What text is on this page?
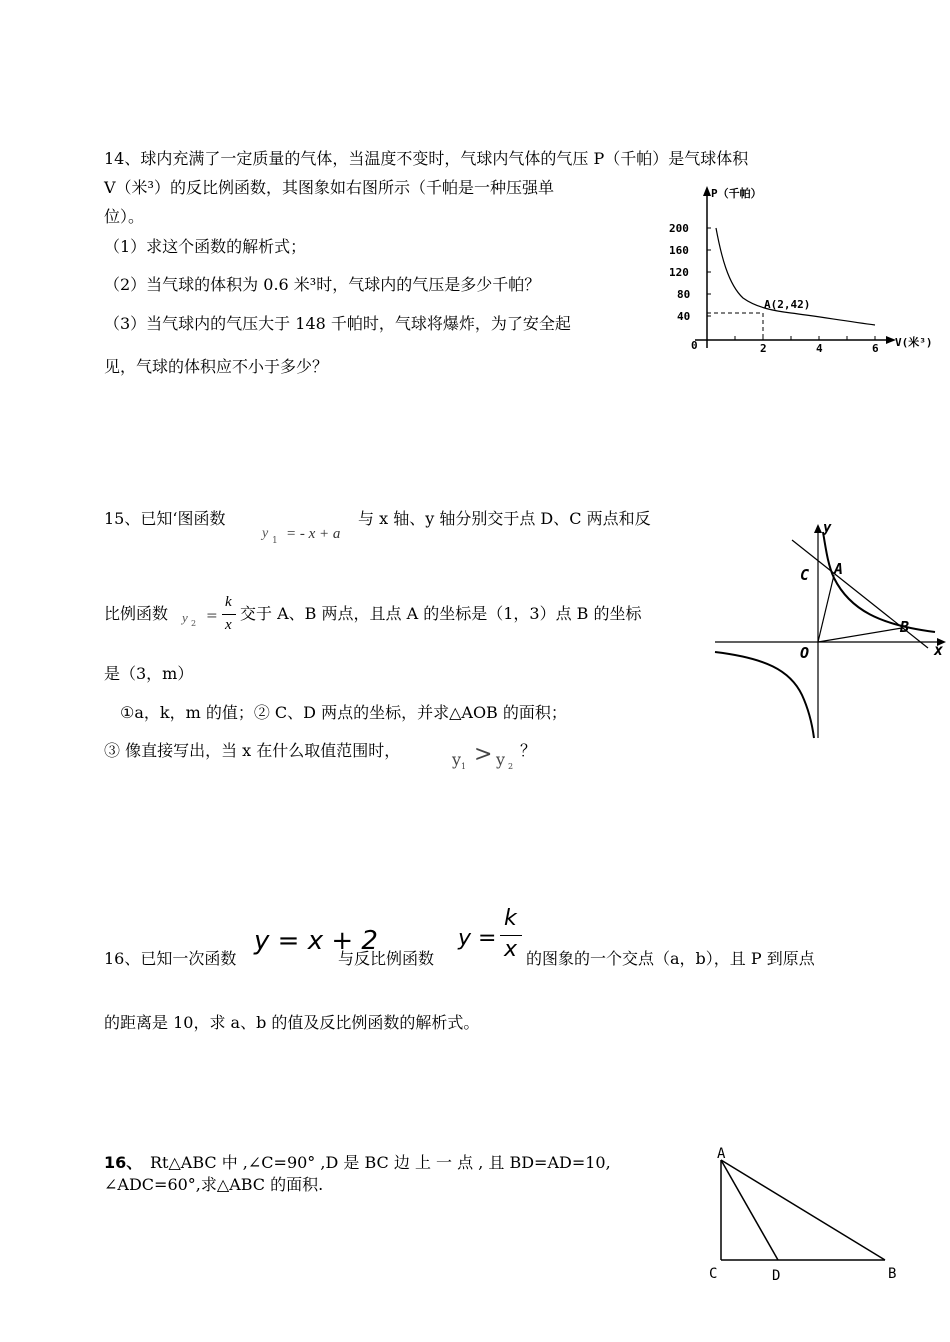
14、球内充满了一定质量的气体，当温度不变时，气球内气体的气压 P（千帕）是气球体积
V（米³）的反比例函数，其图象如右图所示（千帕是一种压强单
位）。
（1）求这个函数的解析式；
（2）当气球的体积为 0.6 米³时，气球内的气压是多少千帕？
（3）当气球内的气压大于 148 千帕时，气球将爆炸，为了安全起
见，气球的体积应不小于多少？
P（千帕）
V(米³)
200
160
120
80
40
0	2	4	6
A(2,42)
15、已知‘图函数
y 1 = - x + a
与 x 轴、y 轴分别交于点 D、C 两点和反
比例函数 y 2 =
k
x
交于 A、B 两点，且点 A 的坐标是（1，3）点 B 的坐标
是（3，m）
①a，k，m 的值；② C、D 两点的坐标，并求△AOB 的面积；
③ 像直接写出，当 x 在什么取值范围时，	y 1 > y 2
？
y
x
C A
B
O
16、已知一次函数
y = x + 2
与反比例函数
y =
k
x 的图象的一个交点（a，b），且 P 到原点
的距离是 10，求 a、b 的值及反比例函数的解析式。
16、 Rt△ABC 中 ,∠C=90° ,D 是 BC 边 上 一 点 , 且 BD=AD=10,
∠ADC=60°,求△ABC 的面积.
A
C	D	B
